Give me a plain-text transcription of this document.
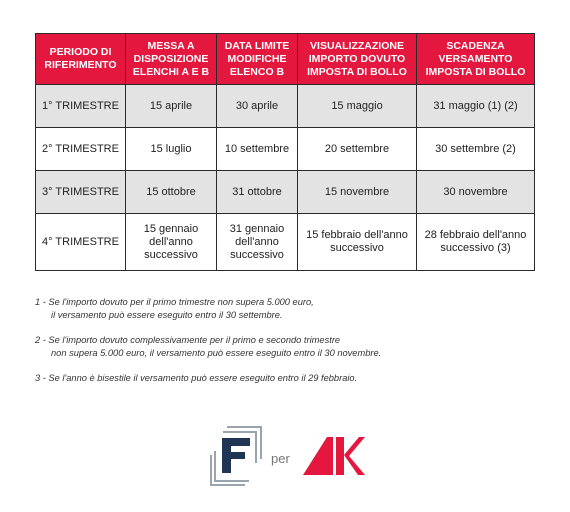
PERIODO DI RIFERIMENTO	MESSA A DISPOSIZIONE ELENCHI A E B	DATA LIMITE MODIFICHE ELENCO B	VISUALIZZAZIONE IMPORTO DOVUTO IMPOSTA DI BOLLO	SCADENZA VERSAMENTO IMPOSTA DI BOLLO
1° TRIMESTRE	15 aprile	30 aprile	15 maggio	31 maggio (1) (2)
2° TRIMESTRE	15 luglio	10 settembre	20 settembre	30 settembre (2)
3° TRIMESTRE	15 ottobre	31 ottobre	15 novembre	30 novembre
4° TRIMESTRE	15 gennaio dell'anno successivo	31 gennaio dell'anno successivo	15 febbraio dell'anno successivo	28 febbraio dell'anno successivo (3)
1 - Se l'importo dovuto per il primo trimestre non supera 5.000 euro,
il versamento può essere eseguito entro il 30 settembre.
2 - Se l'importo dovuto complessivamente per il primo e secondo trimestre
non supera 5.000 euro, il versamento può essere eseguito entro il 30 novembre.
3 - Se l'anno è bisestile il versamento può essere eseguito entro il 29 febbraio.
per
